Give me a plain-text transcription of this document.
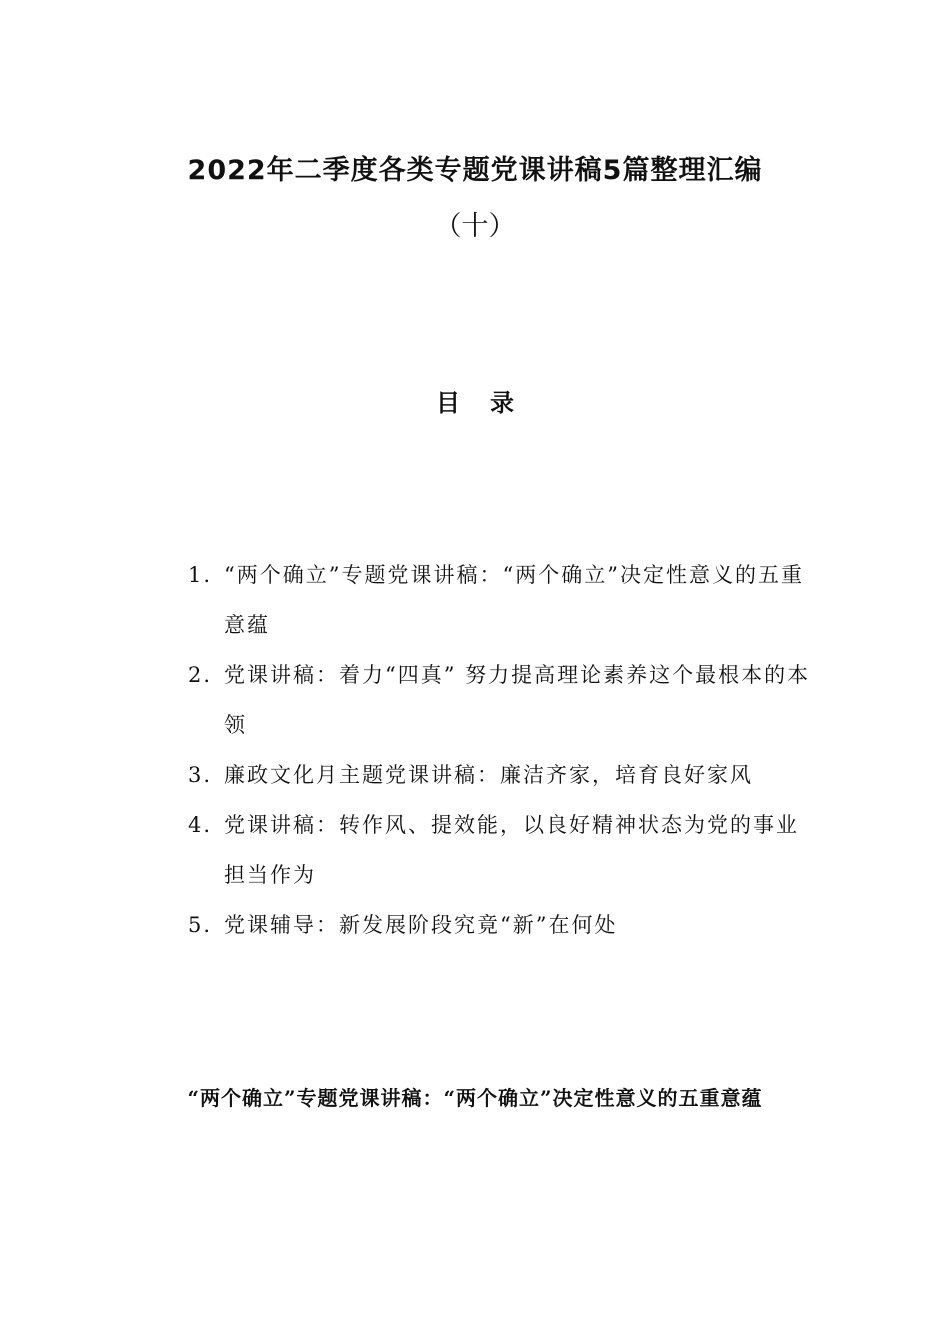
2022年二季度各类专题党课讲稿5篇整理汇编
（十）
目录
1. “两个确立”专题党课讲稿：“两个确立”决定性意义的五重意蕴
2. 党课讲稿：着力“四真” 努力提高理论素养这个最根本的本领
3. 廉政文化月主题党课讲稿：廉洁齐家，培育良好家风
4. 党课讲稿：转作风、提效能，以良好精神状态为党的事业担当作为
5. 党课辅导：新发展阶段究竟“新”在何处
“两个确立”专题党课讲稿：“两个确立”决定性意义的五重意蕴
